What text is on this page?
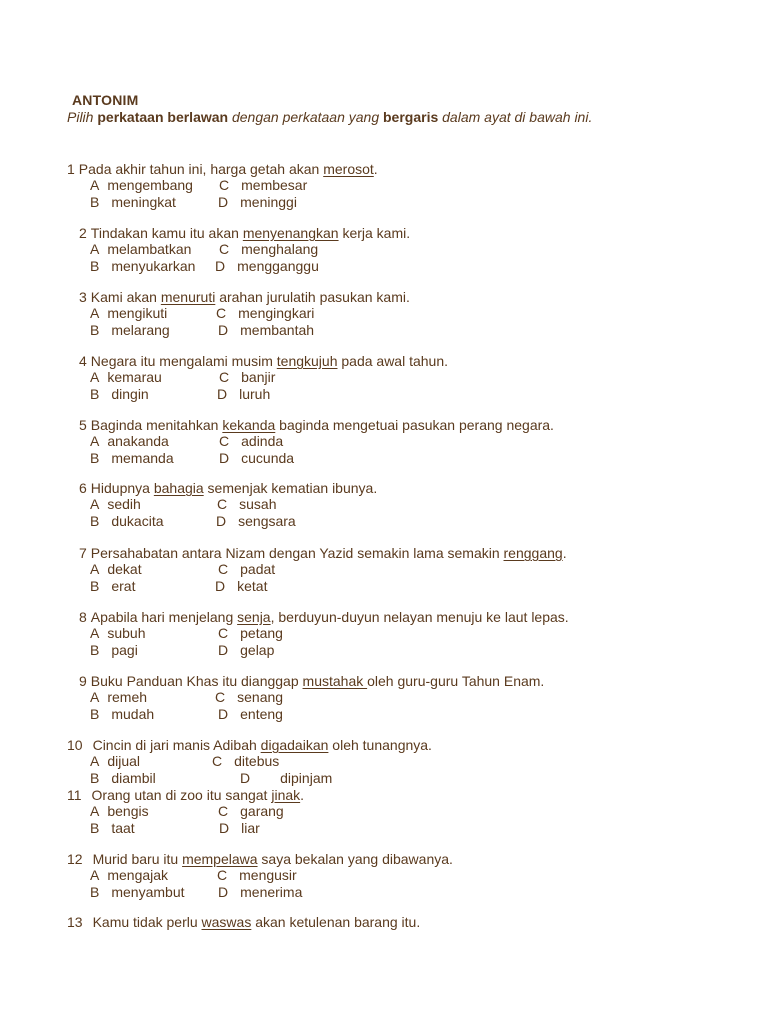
ANTONIM
Pilih perkataan berlawan dengan perkataan yang bergaris dalam ayat di bawah ini.
1 Pada akhir tahun ini, harga getah akan merosot.
A mengembang C membesar
B meningkat	D meninggi
2 Tindakan kamu itu akan menyenangkan kerja kami.
A melambatkan C menghalang
B menyukarkan D mengganggu
3 Kami akan menuruti arahan jurulatih pasukan kami.
A mengikuti	C mengingkari
B melarang	D membantah
4 Negara itu mengalami musim tengkujuh pada awal tahun.
A kemarau	C banjir
B dingin	D luruh
5 Baginda menitahkan kekanda baginda mengetuai pasukan perang negara.
A anakanda	C adinda
B memanda	D cucunda
6 Hidupnya bahagia semenjak kematian ibunya.
A sedih	C susah
B dukacita	D sengsara
7 Persahabatan antara Nizam dengan Yazid semakin lama semakin renggang.
A dekat	C padat
B erat	D ketat
8 Apabila hari menjelang senja, berduyun-duyun nelayan menuju ke laut lepas.
A subuh	C petang
B pagi	D gelap
9 Buku Panduan Khas itu dianggap mustahak oleh guru-guru Tahun Enam.
A remeh	C senang
B mudah	D enteng
10 Cincin di jari manis Adibah digadaikan oleh tunangnya.
A dijual	C ditebus
B diambil	D dipinjam
11 Orang utan di zoo itu sangat jinak.
A bengis	C garang
B taat	D liar
12 Murid baru itu mempelawa saya bekalan yang dibawanya.
A mengajak	C mengusir
B menyambut D menerima
13 Kamu tidak perlu waswas akan ketulenan barang itu.
